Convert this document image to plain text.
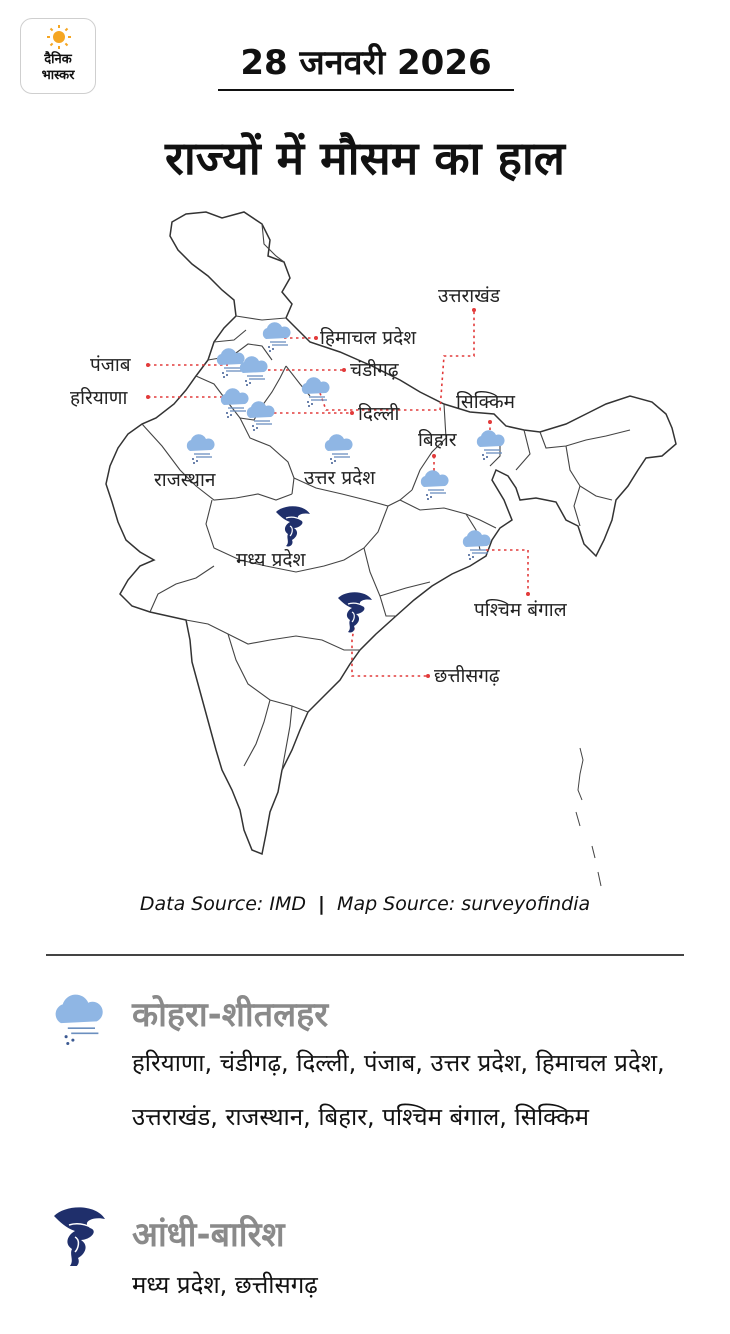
दैनिक
भास्कर	28 जनवरी 2026
राज्यों में मौसम का हाल
उत्तराखंड
हिमाचल प्रदेश
पंजाब	चंडीगढ़
हरियाणा
दिल्ली
सिक्किम
बिहार
राजस्थान	उत्तर प्रदेश
मध्य प्रदेश
पश्चिम बंगाल
छत्तीसगढ़
Data Source: IMD | Map Source: surveyofindia
कोहरा-शीतलहर
हरियाणा, चंडीगढ़, दिल्ली, पंजाब, उत्तर प्रदेश, हिमाचल प्रदेश, उत्तराखंड, राजस्थान, बिहार, पश्चिम बंगाल, सिक्किम
आंधी-बारिश
मध्य प्रदेश, छत्तीसगढ़
